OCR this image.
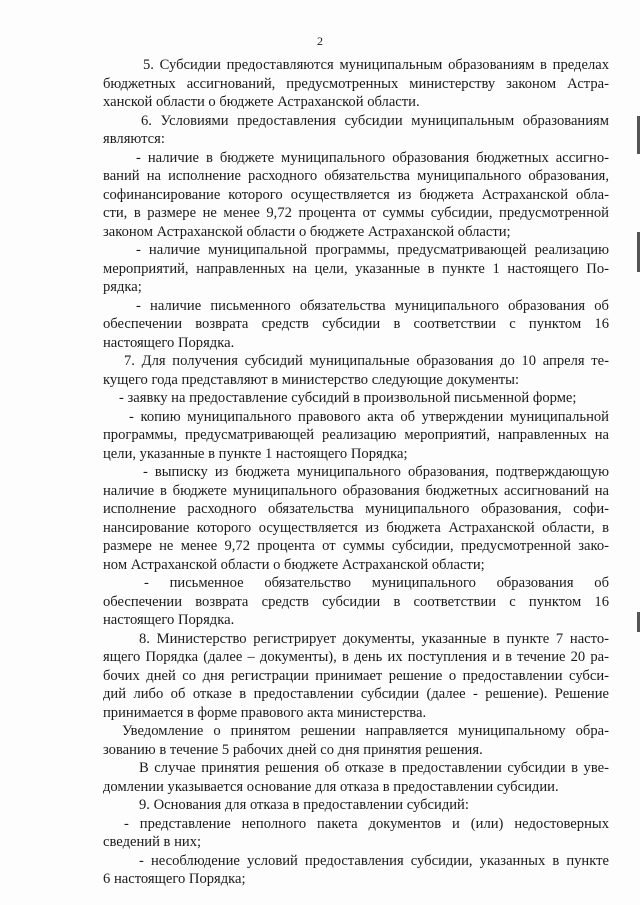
2
5. Субсидии предоставляются муниципальным образованиям в пределах
бюджетных ассигнований, предусмотренных министерству законом Астра-
ханской области о бюджете Астраханской области.
6. Условиями предоставления субсидии муниципальным образованиям
являются:
- наличие в бюджете муниципального образования бюджетных ассигно-
ваний на исполнение расходного обязательства муниципального образования,
софинансирование которого осуществляется из бюджета Астраханской обла-
сти, в размере не менее 9,72 процента от суммы субсидии, предусмотренной
законом Астраханской области о бюджете Астраханской области;
- наличие муниципальной программы, предусматривающей реализацию
мероприятий, направленных на цели, указанные в пункте 1 настоящего По-
рядка;
- наличие письменного обязательства муниципального образования об
обеспечении возврата средств субсидии в соответствии с пунктом 16
настоящего Порядка.
7. Для получения субсидий муниципальные образования до 10 апреля те-
кущего года представляют в министерство следующие документы:
- заявку на предоставление субсидий в произвольной письменной форме;
- копию муниципального правового акта об утверждении муниципальной
программы, предусматривающей реализацию мероприятий, направленных на
цели, указанные в пункте 1 настоящего Порядка;
- выписку из бюджета муниципального образования, подтверждающую
наличие в бюджете муниципального образования бюджетных ассигнований на
исполнение расходного обязательства муниципального образования, софи-
нансирование которого осуществляется из бюджета Астраханской области, в
размере не менее 9,72 процента от суммы субсидии, предусмотренной зако-
ном Астраханской области о бюджете Астраханской области;
- письменное обязательство муниципального образования об
обеспечении возврата средств субсидии в соответствии с пунктом 16
настоящего Порядка.
8. Министерство регистрирует документы, указанные в пункте 7 насто-
ящего Порядка (далее – документы), в день их поступления и в течение 20 ра-
бочих дней со дня регистрации принимает решение о предоставлении субси-
дий либо об отказе в предоставлении субсидии (далее - решение). Решение
принимается в форме правового акта министерства.
Уведомление о принятом решении направляется муниципальному обра-
зованию в течение 5 рабочих дней со дня принятия решения.
В случае принятия решения об отказе в предоставлении субсидии в уве-
домлении указывается основание для отказа в предоставлении субсидии.
9. Основания для отказа в предоставлении субсидий:
- представление неполного пакета документов и (или) недостоверных
сведений в них;
- несоблюдение условий предоставления субсидии, указанных в пункте
6 настоящего Порядка;
